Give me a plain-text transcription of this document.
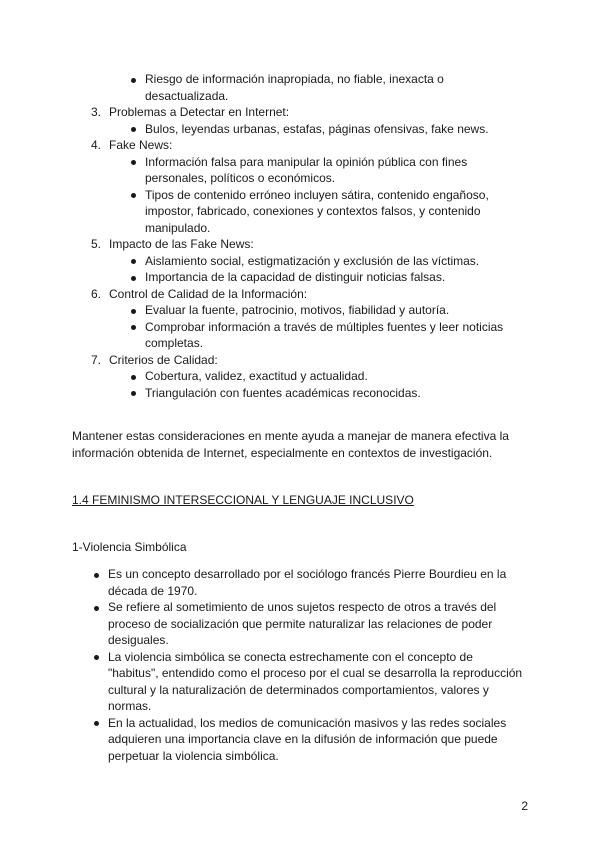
Riesgo de información inapropiada, no fiable, inexacta o
desactualizada.
3. Problemas a Detectar en Internet:
Bulos, leyendas urbanas, estafas, páginas ofensivas, fake news.
4. Fake News:
Información falsa para manipular la opinión pública con fines
personales, políticos o económicos.
Tipos de contenido erróneo incluyen sátira, contenido engañoso,
impostor, fabricado, conexiones y contextos falsos, y contenido
manipulado.
5. Impacto de las Fake News:
Aislamiento social, estigmatización y exclusión de las víctimas.
Importancia de la capacidad de distinguir noticias falsas.
6. Control de Calidad de la Información:
Evaluar la fuente, patrocinio, motivos, fiabilidad y autoría.
Comprobar información a través de múltiples fuentes y leer noticias
completas.
7. Criterios de Calidad:
Cobertura, validez, exactitud y actualidad.
Triangulación con fuentes académicas reconocidas.
Mantener estas consideraciones en mente ayuda a manejar de manera efectiva la
información obtenida de Internet, especialmente en contextos de investigación.
1.4 FEMINISMO INTERSECCIONAL Y LENGUAJE INCLUSIVO
1-Violencia Simbólica
Es un concepto desarrollado por el sociólogo francés Pierre Bourdieu en la
década de 1970.
Se refiere al sometimiento de unos sujetos respecto de otros a través del
proceso de socialización que permite naturalizar las relaciones de poder
desiguales.
La violencia simbólica se conecta estrechamente con el concepto de
"habitus", entendido como el proceso por el cual se desarrolla la reproducción
cultural y la naturalización de determinados comportamientos, valores y
normas.
En la actualidad, los medios de comunicación masivos y las redes sociales
adquieren una importancia clave en la difusión de información que puede
perpetuar la violencia simbólica.
2
